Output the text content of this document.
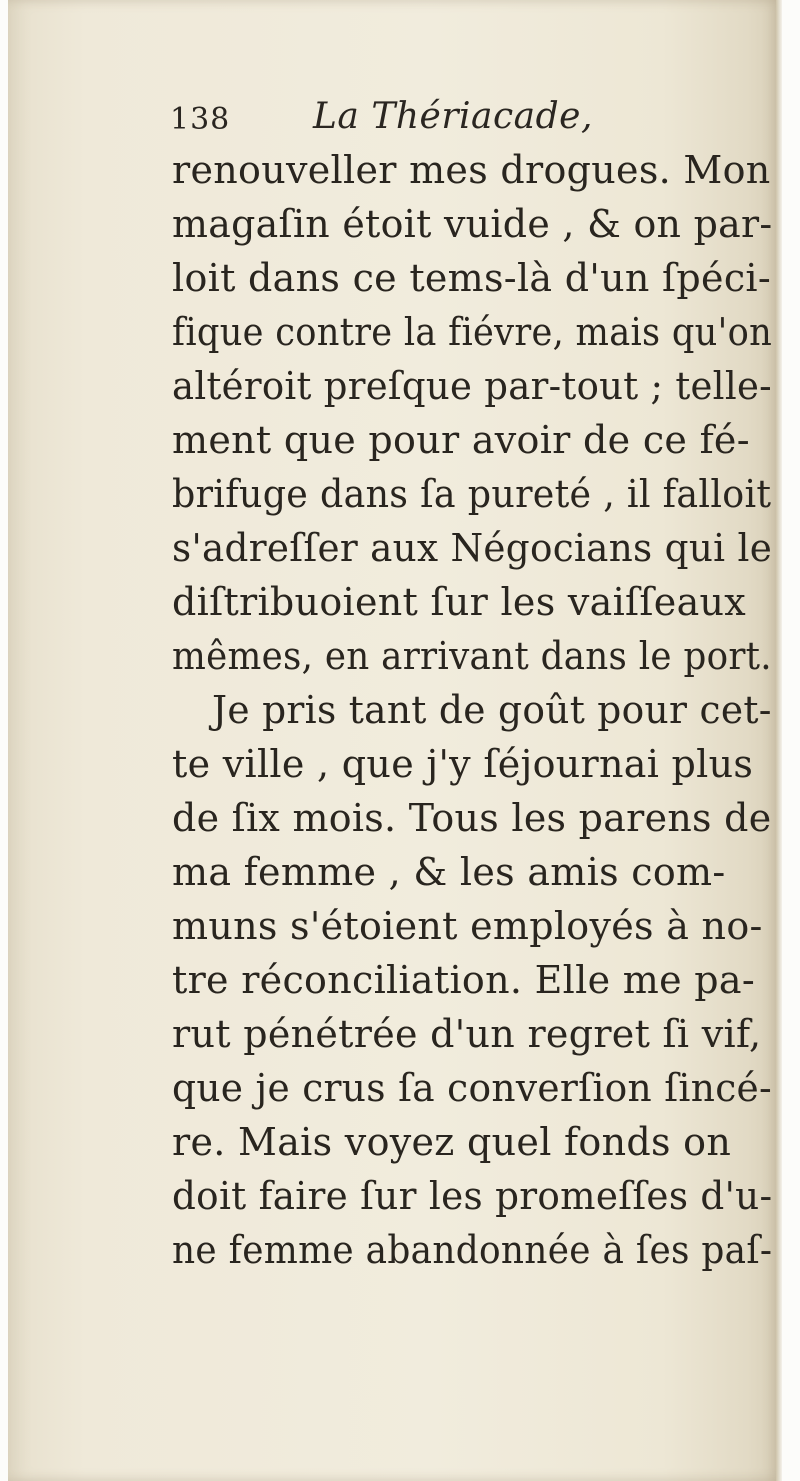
138 La Thériacade,
renouveller mes drogues. Mon
magaſin étoit vuide , & on par-
loit dans ce tems-là d'un ſpéci-
fique contre la fiévre, mais qu'on
altéroit preſque par-tout ; telle-
ment que pour avoir de ce fé-
brifuge dans ſa pureté , il falloit
s'adreſſer aux Négocians qui le
diſtribuoient ſur les vaiſſeaux
mêmes, en arrivant dans le port.
Je pris tant de goût pour cet-
te ville , que j'y ſéjournai plus
de ſix mois. Tous les parens de
ma femme , & les amis com-
muns s'étoient employés à no-
tre réconciliation. Elle me pa-
rut pénétrée d'un regret ſi vif,
que je crus ſa converſion ſincé-
re. Mais voyez quel fonds on
doit faire ſur les promeſſes d'u-
ne femme abandonnée à ſes paſ-
